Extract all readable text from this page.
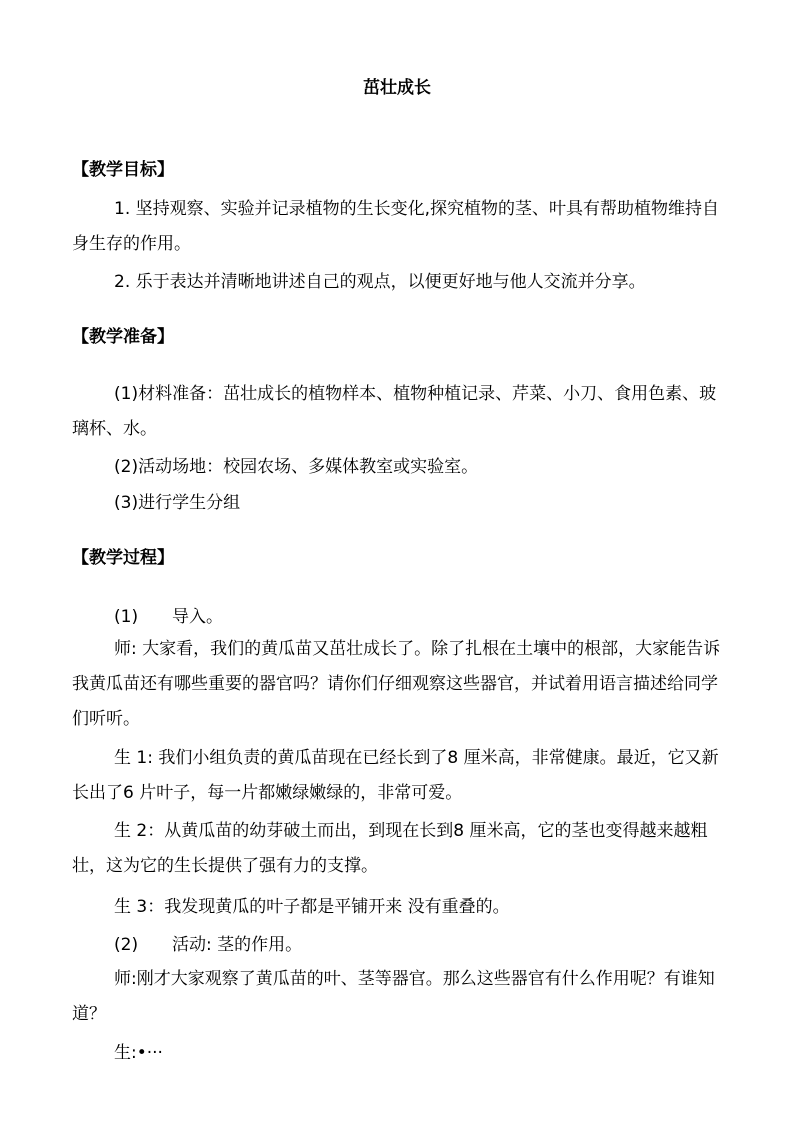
茁壮成长
【教学目标】
1. 坚持观察、实验并记录植物的生长变化,探究植物的茎、叶具有帮助植物维持自身生存的作用。
2. 乐于表达并清晰地讲述自己的观点，以便更好地与他人交流并分享。
【教学准备】
(1)材料准备：茁壮成长的植物样本、植物种植记录、芹菜、小刀、食用色素、玻璃杯、水。
(2)活动场地：校园农场、多媒体教室或实验室。
(3)进行学生分组
【教学过程】
(1) 导入。
师: 大家看，我们的黄瓜苗又茁壮成长了。除了扎根在土壤中的根部，大家能告诉我黄瓜苗还有哪些重要的器官吗？请你们仔细观察这些器官，并试着用语言描述给同学们听听。
生 1: 我们小组负责的黄瓜苗现在已经长到了8 厘米高，非常健康。最近，它又新长出了6 片叶子，每一片都嫩绿嫩绿的，非常可爱。
生 2：从黄瓜苗的幼芽破土而出，到现在长到8 厘米高，它的茎也变得越来越粗壮，这为它的生长提供了强有力的支撑。
生 3：我发现黄瓜的叶子都是平铺开来 没有重叠的。
(2) 活动: 茎的作用。
师:刚才大家观察了黄瓜苗的叶、茎等器官。那么这些器官有什么作用呢？有谁知道？
生:•···
